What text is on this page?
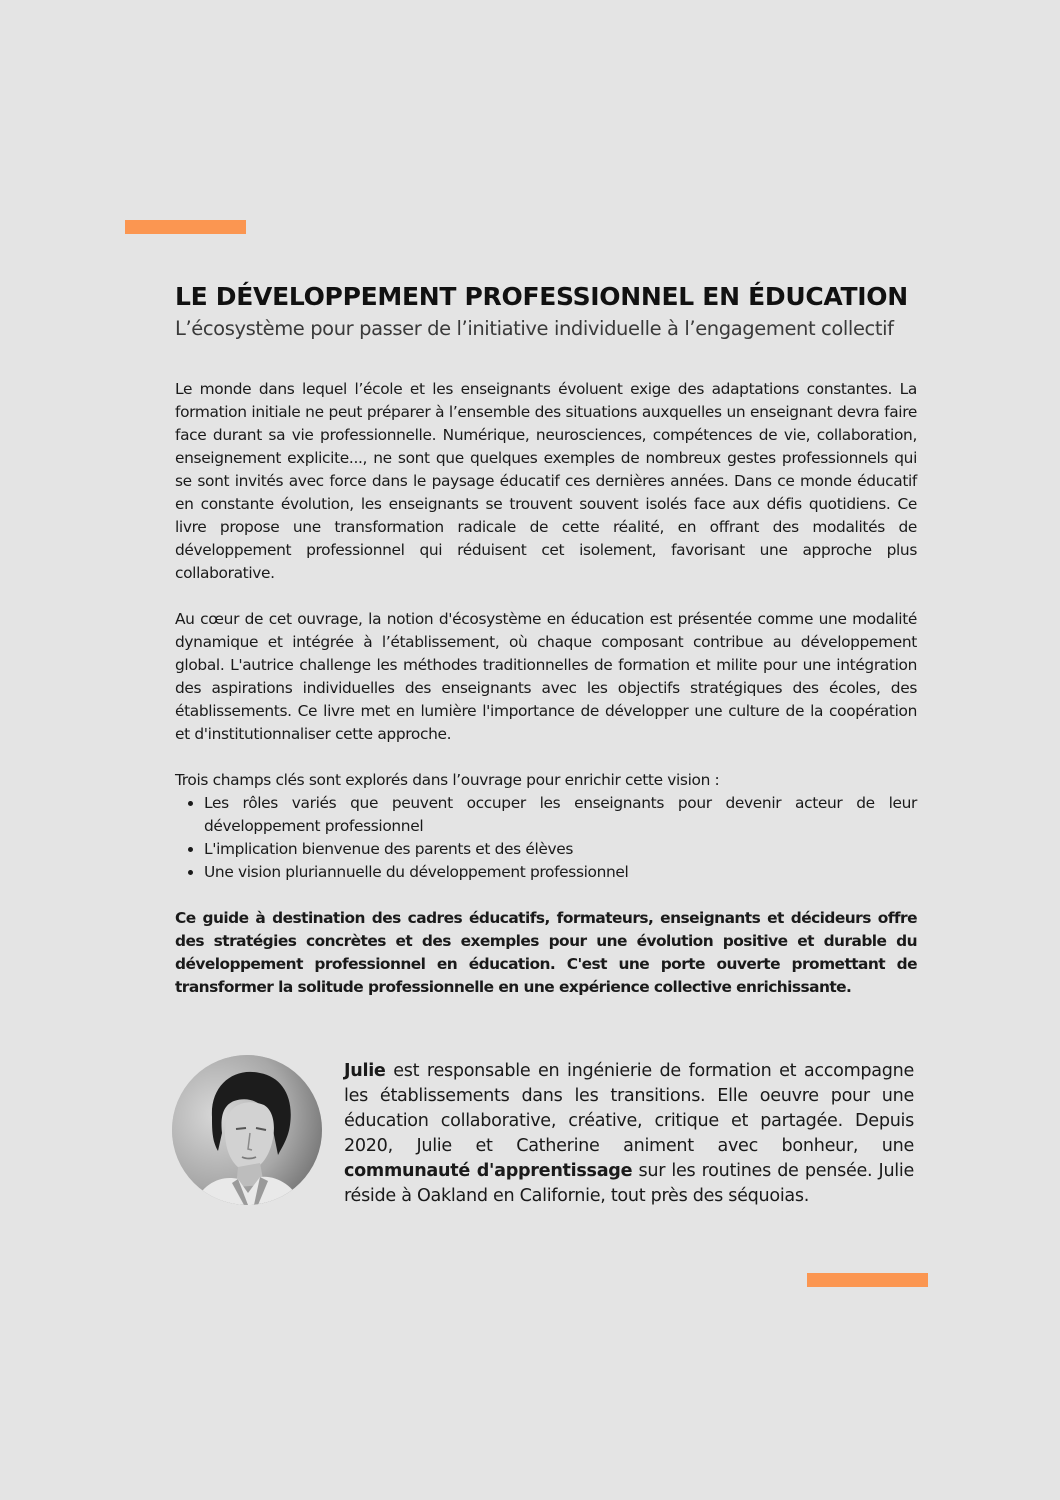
LE DÉVELOPPEMENT PROFESSIONNEL EN ÉDUCATION
L’écosystème pour passer de l’initiative individuelle à l’engagement collectif

Le monde dans lequel l’école et les enseignants évoluent exige des adaptations constantes. La formation initiale ne peut préparer à l’ensemble des situations auxquelles un enseignant devra faire face durant sa vie professionnelle. Numérique, neurosciences, compétences de vie, collaboration, enseignement explicite..., ne sont que quelques exemples de nombreux gestes professionnels qui se sont invités avec force dans le paysage éducatif ces dernières années. Dans ce monde éducatif en constante évolution, les enseignants se trouvent souvent isolés face aux défis quotidiens. Ce livre propose une transformation radicale de cette réalité, en offrant des modalités de développement professionnel qui réduisent cet isolement, favorisant une approche plus collaborative.

Au cœur de cet ouvrage, la notion d'écosystème en éducation est présentée comme une modalité dynamique et intégrée à l’établissement, où chaque composant contribue au développement global. L'autrice challenge les méthodes traditionnelles de formation et milite pour une intégration des aspirations individuelles des enseignants avec les objectifs stratégiques des écoles, des établissements. Ce livre met en lumière l'importance de développer une culture de la coopération et d'institutionnaliser cette approche.

Trois champs clés sont explorés dans l’ouvrage pour enrichir cette vision :

• Les rôles variés que peuvent occuper les enseignants pour devenir acteur de leur développement professionnel
• L'implication bienvenue des parents et des élèves
• Une vision pluriannuelle du développement professionnel

Ce guide à destination des cadres éducatifs, formateurs, enseignants et décideurs offre des stratégies concrètes et des exemples pour une évolution positive et durable du développement professionnel en éducation. C'est une porte ouverte promettant de transformer la solitude professionnelle en une expérience collective enrichissante.

Julie est responsable en ingénierie de formation et accompagne les établissements dans les transitions. Elle oeuvre pour une éducation collaborative, créative, critique et partagée. Depuis 2020, Julie et Catherine animent avec bonheur, une communauté d'apprentissage sur les routines de pensée. Julie réside à Oakland en Californie, tout près des séquoias.
